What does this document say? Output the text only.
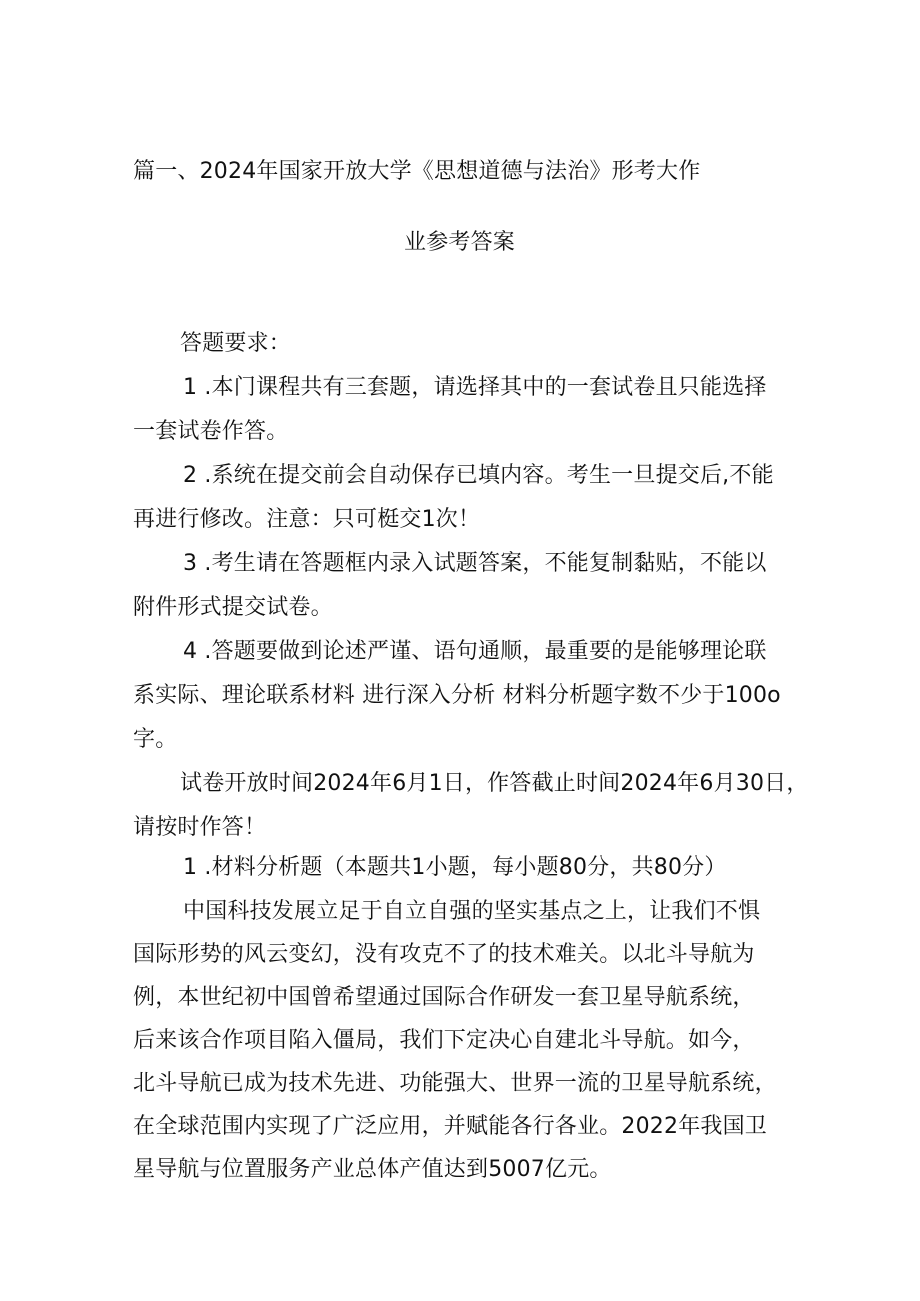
篇一、2024年国家开放大学《思想道德与法治》形考大作
业参考答案
答题要求：
1 .本门课程共有三套题，请选择其中的一套试卷且只能选择
一套试卷作答。
2 .系统在提交前会自动保存已填内容。考生一旦提交后,不能
再进行修改。注意：只可梃交1次！
3 .考生请在答题框内录入试题答案，不能复制黏贴，不能以
附件形式提交试卷。
4 .答题要做到论述严谨、语句通顺，最重要的是能够理论联
系实际、理论联系材料 进行深入分析 材料分析题字数不少于100o
字。
试卷开放时间2024年6月1日，作答截止时间2024年6月30日，
请按时作答！
1 .材料分析题（本题共1小题，每小题80分，共80分）
中国科技发展立足于自立自强的坚实基点之上，让我们不惧
国际形势的风云变幻，没有攻克不了的技术难关。以北斗导航为
例，本世纪初中国曾希望通过国际合作研发一套卫星导航系统，
后来该合作项目陷入僵局，我们下定决心自建北斗导航。如今，
北斗导航已成为技术先进、功能强大、世界一流的卫星导航系统，
在全球范围内实现了广泛应用，并赋能各行各业。2022年我国卫
星导航与位置服务产业总体产值达到5007亿元。
